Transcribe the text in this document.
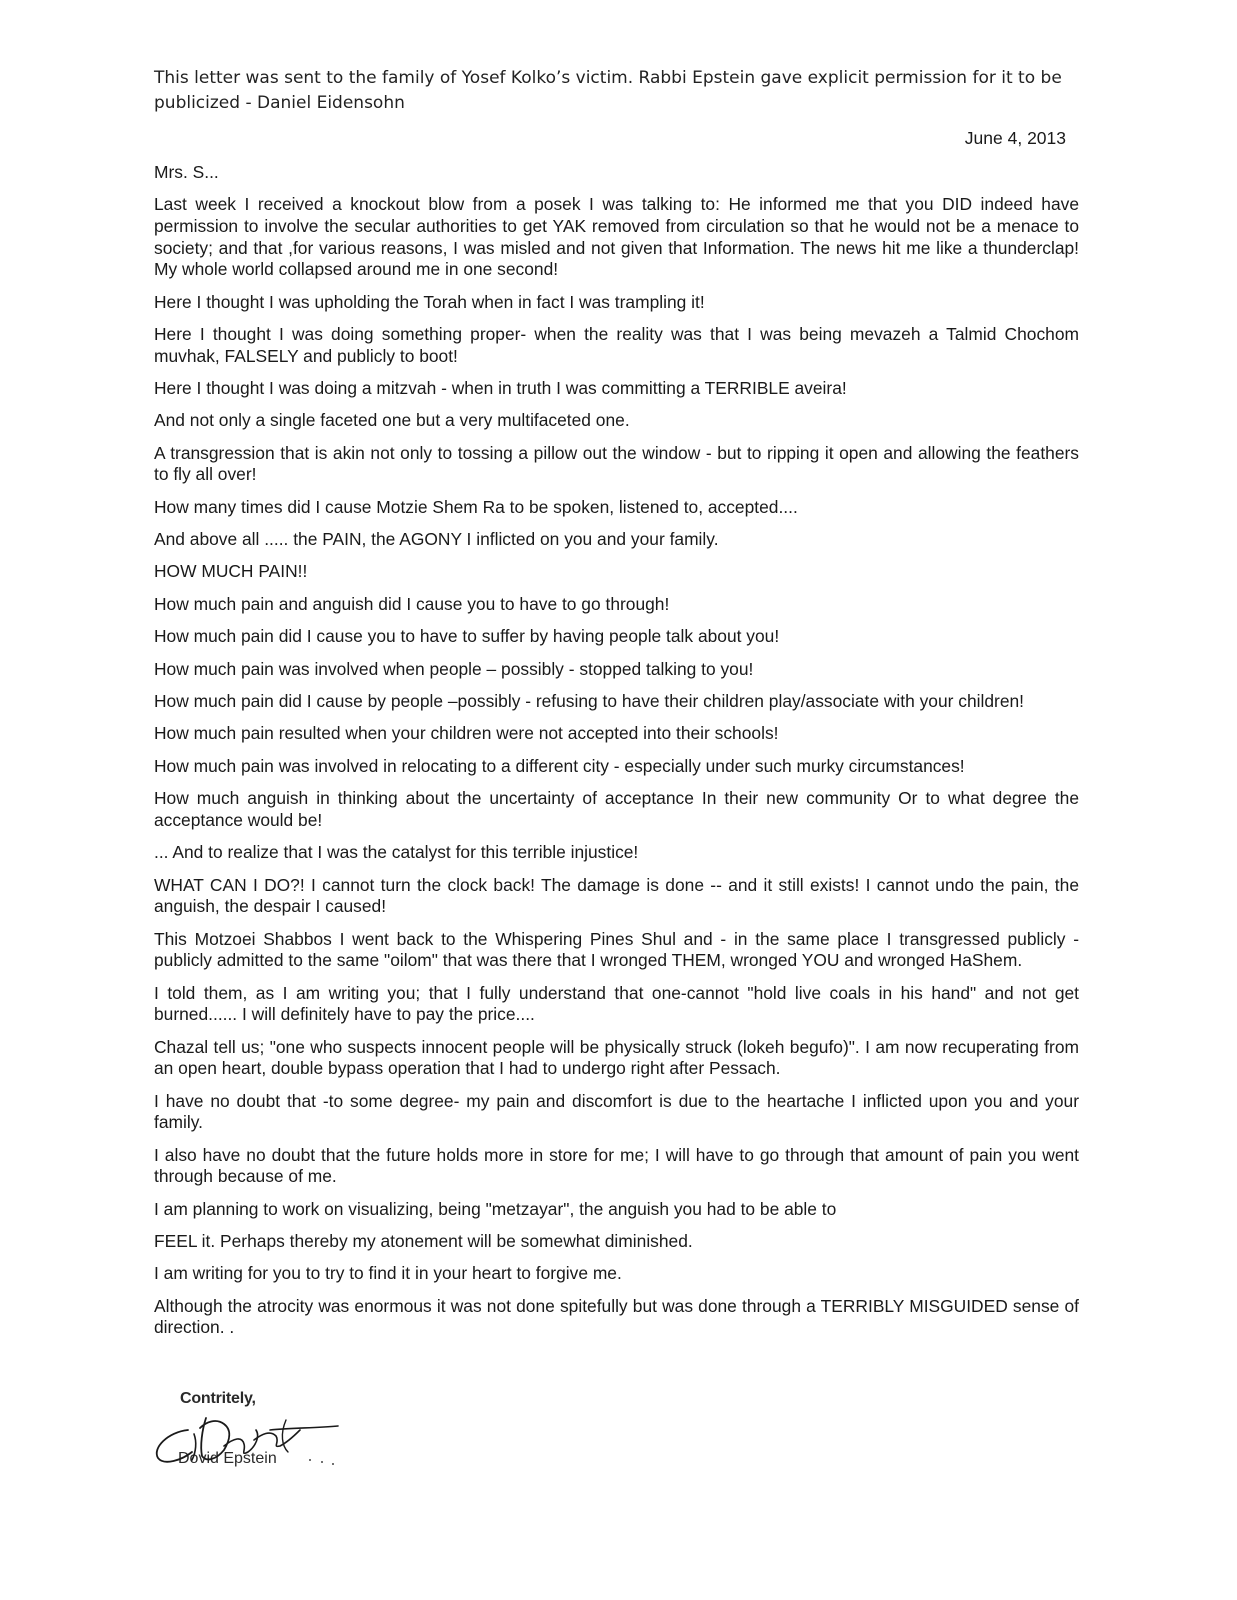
This letter was sent to the family of Yosef Kolko’s victim. Rabbi Epstein gave explicit permission for it to be publicized - Daniel Eidensohn
June 4, 2013

Mrs. S...

Last week I received a knockout blow from a posek I was talking to: He informed me that you DID indeed have permission to involve the secular authorities to get YAK removed from circulation so that he would not be a menace to society; and that ,for various reasons, I was misled and not given that Information. The news hit me like a thunderclap! My whole world collapsed around me in one second!

Here I thought I was upholding the Torah when in fact I was trampling it!

Here I thought I was doing something proper- when the reality was that I was being mevazeh a Talmid Chochom muvhak, FALSELY and publicly to boot!

Here I thought I was doing a mitzvah - when in truth I was committing a TERRIBLE aveira!

And not only a single faceted one but a very multifaceted one.

A transgression that is akin not only to tossing a pillow out the window - but to ripping it open and allowing the feathers to fly all over!

How many times did I cause Motzie Shem Ra to be spoken, listened to, accepted....

And above all ..... the PAIN, the AGONY I inflicted on you and your family.

HOW MUCH PAIN!!

How much pain and anguish did I cause you to have to go through!

How much pain did I cause you to have to suffer by having people talk about you!

How much pain was involved when people – possibly - stopped talking to you!

How much pain did I cause by people –possibly - refusing to have their children play/associate with your children!

How much pain resulted when your children were not accepted into their schools!

How much pain was involved in relocating to a different city - especially under such murky circumstances!

How much anguish in thinking about the uncertainty of acceptance In their new community Or to what degree the acceptance would be!

... And to realize that I was the catalyst for this terrible injustice!

WHAT CAN I DO?! I cannot turn the clock back! The damage is done -- and it still exists! I cannot undo the pain, the anguish, the despair I caused!

This Motzoei Shabbos I went back to the Whispering Pines Shul and - in the same place I transgressed publicly - publicly admitted to the same "oilom" that was there that I wronged THEM, wronged YOU and wronged HaShem.

I told them, as I am writing you; that I fully understand that one-cannot "hold live coals in his hand" and not get burned...... I will definitely have to pay the price....

Chazal tell us; "one who suspects innocent people will be physically struck (lokeh begufo)". I am now recuperating from an open heart, double bypass operation that I had to undergo right after Pessach.

I have no doubt that -to some degree- my pain and discomfort is due to the heartache I inflicted upon you and your family.

I also have no doubt that the future holds more in store for me; I will have to go through that amount of pain you went through because of me.

I am planning to work on visualizing, being "metzayar", the anguish you had to be able to

FEEL it. Perhaps thereby my atonement will be somewhat diminished.

I am writing for you to try to find it in your heart to forgive me.

Although the atrocity was enormous it was not done spitefully but was done through a TERRIBLY MISGUIDED sense of direction. .

Contritely,
Dovid Epstein
